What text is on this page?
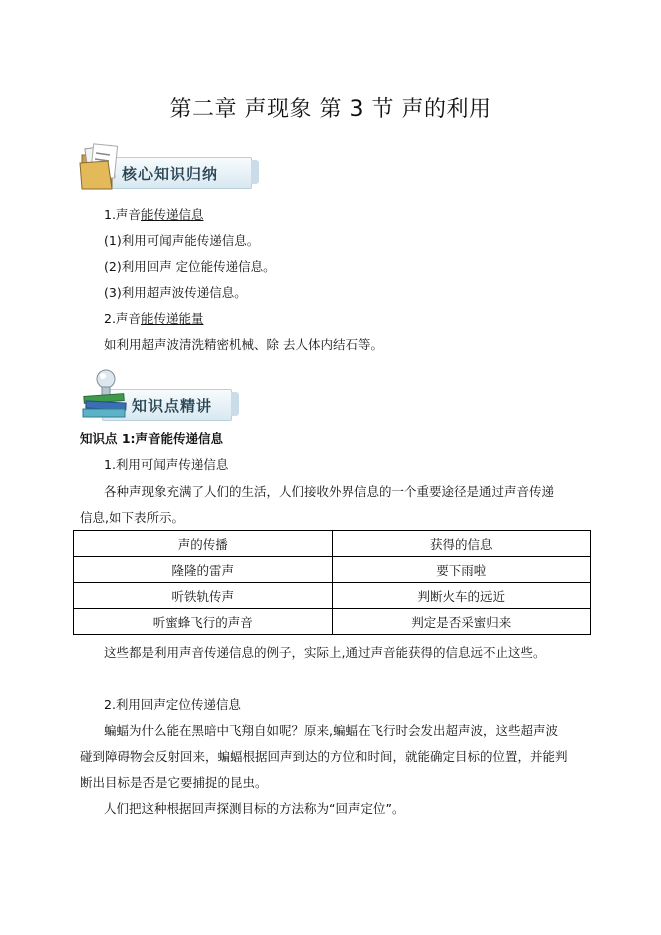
第二章 声现象 第 3 节 声的利用
核心知识归纳
1.声音能传递信息
(1)利用可闻声能传递信息。
(2)利用回声 定位能传递信息。
(3)利用超声波传递信息。
2.声音能传递能量
如利用超声波清洗精密机械、除 去人体内结石等。
知识点精讲
知识点 1:声音能传递信息
1.利用可闻声传递信息
各种声现象充满了人们的生活，人们接收外界信息的一个重要途径是通过声音传递
信息,如下表所示。
声的传播	获得的信息
隆隆的雷声	要下雨啦
听铁轨传声	判断火车的远近
听蜜蜂飞行的声音	判定是否采蜜归来
这些都是利用声音传递信息的例子，实际上,通过声音能获得的信息远不止这些。
2.利用回声定位传递信息
蝙蝠为什么能在黑暗中飞翔自如呢？原来,蝙蝠在飞行时会发出超声波，这些超声波
碰到障碍物会反射回来，蝙蝠根据回声到达的方位和时间，就能确定目标的位置，并能判
断出目标是否是它要捕捉的昆虫。
人们把这种根据回声探测目标的方法称为“回声定位”。
